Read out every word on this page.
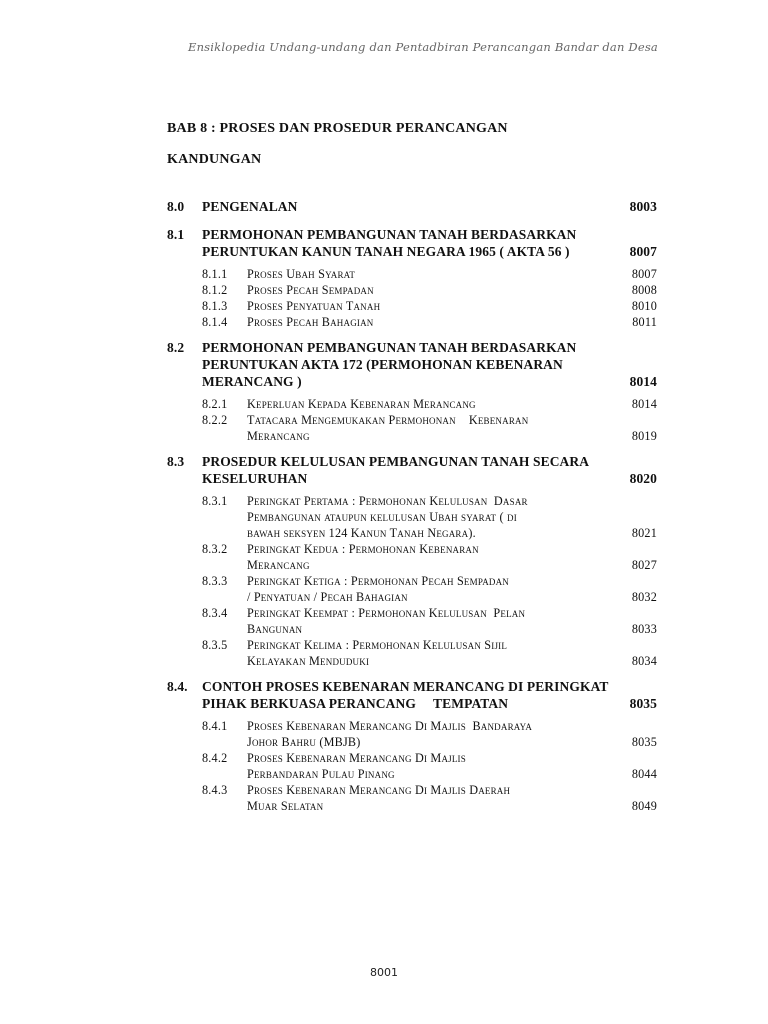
Ensiklopedia Undang-undang dan Pentadbiran Perancangan Bandar dan Desa
BAB 8 : PROSES DAN PROSEDUR PERANCANGAN
KANDUNGAN
8.0	PENGENALAN	8003
8.1	PERMOHONAN PEMBANGUNAN TANAH BERDASARKAN
PERUNTUKAN KANUN TANAH NEGARA 1965 ( AKTA 56 )	8007
8.1.1	Proses Ubah Syarat	8007
8.1.2	Proses Pecah Sempadan	8008
8.1.3	Proses Penyatuan Tanah	8010
8.1.4	Proses Pecah Bahagian	8011
8.2	PERMOHONAN PEMBANGUNAN TANAH BERDASARKAN
PERUNTUKAN AKTA 172 (PERMOHONAN KEBENARAN
MERANCANG )	8014
8.2.1	Keperluan Kepada Kebenaran Merancang	8014
8.2.2	Tatacara Mengemukakan Permohonan    Kebenaran
Merancang	8019
8.3	PROSEDUR KELULUSAN PEMBANGUNAN TANAH SECARA
KESELURUHAN	8020
8.3.1	Peringkat Pertama : Permohonan Kelulusan  Dasar
Pembangunan ataupun kelulusan Ubah syarat ( di
bawah seksyen 124 Kanun Tanah Negara).	8021
8.3.2	Peringkat Kedua : Permohonan Kebenaran
Merancang	8027
8.3.3	Peringkat Ketiga : Permohonan Pecah Sempadan
/ Penyatuan / Pecah Bahagian	8032
8.3.4	Peringkat Keempat : Permohonan Kelulusan  Pelan
Bangunan	8033
8.3.5	Peringkat Kelima : Permohonan Kelulusan Sijil
Kelayakan Menduduki	8034
8.4.	CONTOH PROSES KEBENARAN MERANCANG DI PERINGKAT
PIHAK BERKUASA PERANCANG     TEMPATAN	8035
8.4.1	Proses Kebenaran Merancang Di Majlis  Bandaraya
Johor Bahru (MBJB)	8035
8.4.2	Proses Kebenaran Merancang Di Majlis
Perbandaran Pulau Pinang	8044
8.4.3	Proses Kebenaran Merancang Di Majlis Daerah
Muar Selatan	8049
8001
